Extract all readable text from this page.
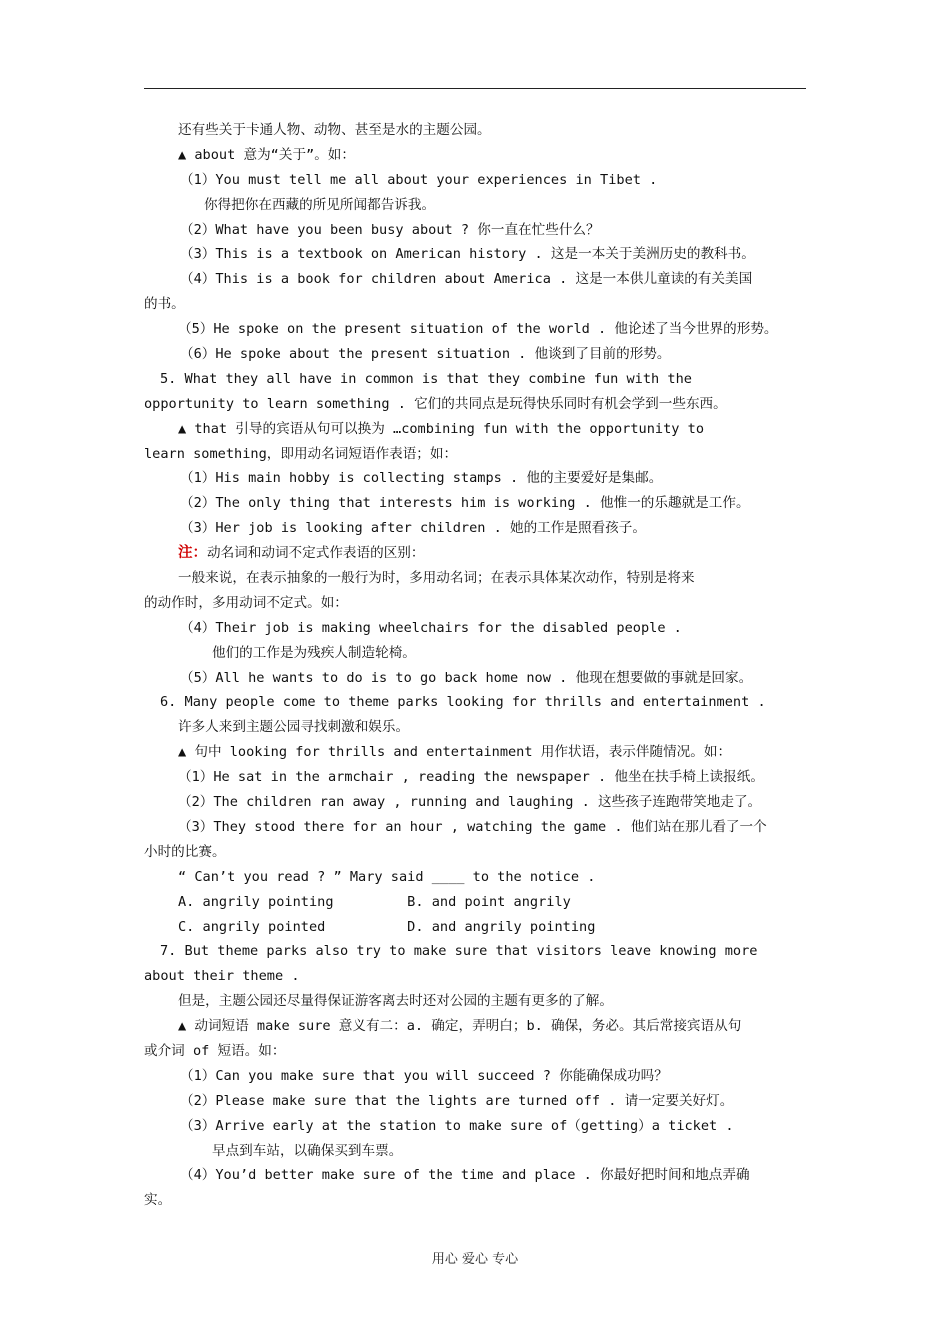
还有些关于卡通人物、动物、甚至是水的主题公园。
▲ about 意为“关于”。如：
（1）You must tell me all about your experiences in Tibet .
你得把你在西藏的所见所闻都告诉我。
（2）What have you been busy about ? 你一直在忙些什么？
（3）This is a textbook on American history . 这是一本关于美洲历史的教科书。
（4）This is a book for children about America . 这是一本供儿童读的有关美国
的书。
（5）He spoke on the present situation of the world . 他论述了当今世界的形势。
（6）He spoke about the present situation . 他谈到了目前的形势。
5. What they all have in common is that they combine fun with the
opportunity to learn something . 它们的共同点是玩得快乐同时有机会学到一些东西。
▲ that 引导的宾语从句可以换为 …combining fun with the opportunity to
learn something，即用动名词短语作表语；如：
（1）His main hobby is collecting stamps . 他的主要爱好是集邮。
（2）The only thing that interests him is working . 他惟一的乐趣就是工作。
（3）Her job is looking after children . 她的工作是照看孩子。
注：动名词和动词不定式作表语的区别：
一般来说，在表示抽象的一般行为时，多用动名词；在表示具体某次动作，特别是将来
的动作时，多用动词不定式。如：
（4）Their job is making wheelchairs for the disabled people .
他们的工作是为残疾人制造轮椅。
（5）All he wants to do is to go back home now . 他现在想要做的事就是回家。
6. Many people come to theme parks looking for thrills and entertainment .
许多人来到主题公园寻找刺激和娱乐。
▲ 句中 looking for thrills and entertainment 用作状语，表示伴随情况。如：
（1）He sat in the armchair , reading the newspaper . 他坐在扶手椅上读报纸。
（2）The children ran away , running and laughing . 这些孩子连跑带笑地走了。
（3）They stood there for an hour , watching the game . 他们站在那儿看了一个
小时的比赛。
“ Can’t you read ? ” Mary said ____ to the notice .
A. angrily pointing         B. and point angrily
C. angrily pointed          D. and angrily pointing
7. But theme parks also try to make sure that visitors leave knowing more
about their theme .
但是，主题公园还尽量得保证游客离去时还对公园的主题有更多的了解。
▲ 动词短语 make sure 意义有二：a. 确定，弄明白；b. 确保，务必。其后常接宾语从句
或介词 of 短语。如：
（1）Can you make sure that you will succeed ? 你能确保成功吗？
（2）Please make sure that the lights are turned off . 请一定要关好灯。
（3）Arrive early at the station to make sure of（getting）a ticket .
早点到车站，以确保买到车票。
（4）You’d better make sure of the time and place . 你最好把时间和地点弄确
实。
用心 爱心 专心
